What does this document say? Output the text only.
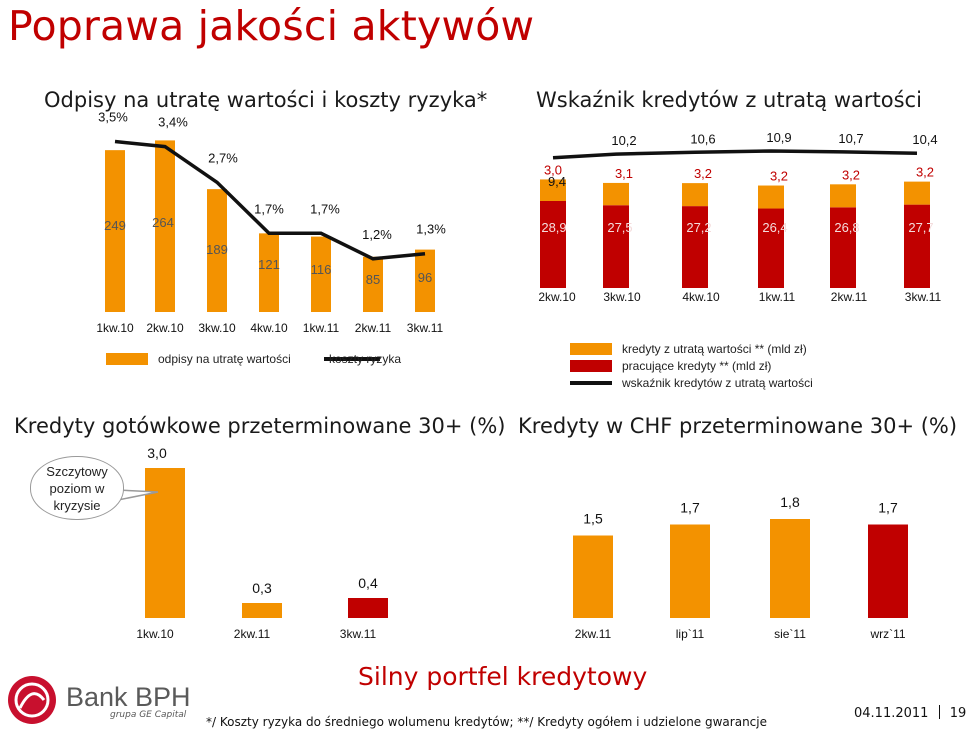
Poprawa jakości aktywów
Odpisy na utratę wartości i koszty ryzyka* Wskaźnik kredytów z utratą wartości
Kredyty gotówkowe przeterminowane 30+ (%) Kredyty w CHF przeterminowane 30+ (%)
249 264
189
121 116
85	96
3,5% 3,4%
2,7%
1,7% 1,7%
1,2% 1,3%
1kw.10 2kw.10 3kw.10 4kw.10 1kw.11 2kw.11 3kw.11
28,9
3,0
2kw.10
27,5
3,1
3kw.10
27,2
3,2
4kw.10
26,4
3,2
1kw.11
26,8
3,2
2kw.11
27,7
3,2
3kw.11
9,4
10,2	10,6	10,9	10,7	10,4
3,0
1kw.10
0,3
2kw.11
0,4
3kw.11
1,5
2kw.11
1,7
lip`11
1,8
sie`11
1,7
wrz`11
odpisy na utratę wartości	koszty ryzyka
kredyty z utratą wartości ** (mld zł)
pracujące kredyty ** (mld zł)
wskaźnik kredytów z utratą wartości
Szczytowy
poziom w
kryzysie
Bank BPH
grupa GE Capital
Silny portfel kredytowy
*/ Koszty ryzyka do średniego wolumenu kredytów; **/ Kredyty ogółem i udzielone gwarancje
04.11.2011 19
